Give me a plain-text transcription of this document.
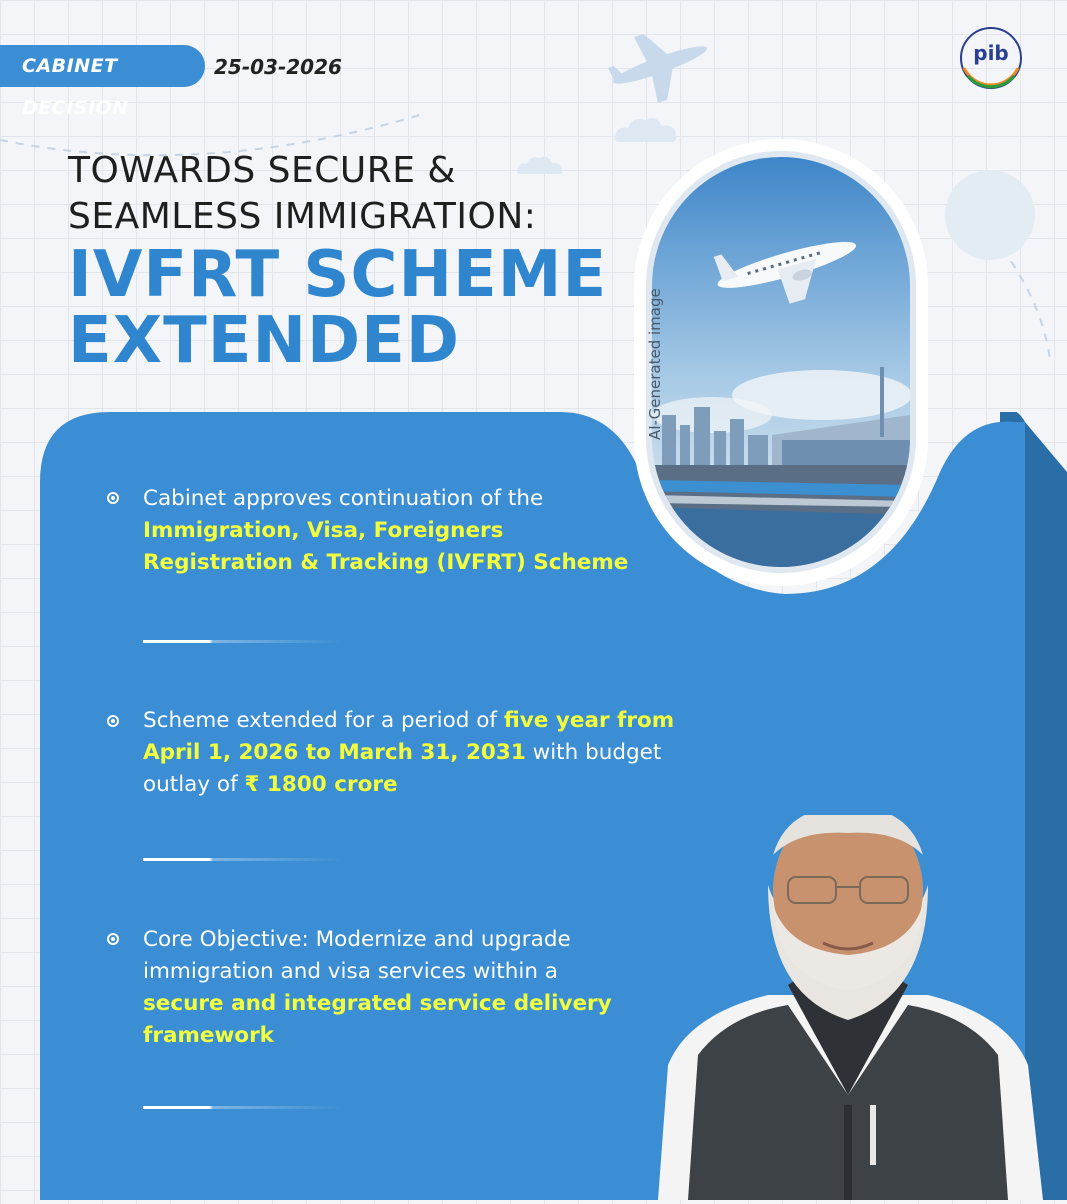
CABINET DECISION
25-03-2026
pib
TOWARDS SECURE &
SEAMLESS IMMIGRATION:
IVFRT SCHEME
EXTENDED	AI-Generated image
Cabinet approves continuation of the
Immigration, Visa, Foreigners Registration & Tracking (IVFRT) Scheme
Scheme extended for a period of five year from April 1, 2026 to March 31, 2031 with budget outlay of ₹ 1800 crore
Core Objective: Modernize and upgrade immigration and visa services within a secure and integrated service delivery framework
